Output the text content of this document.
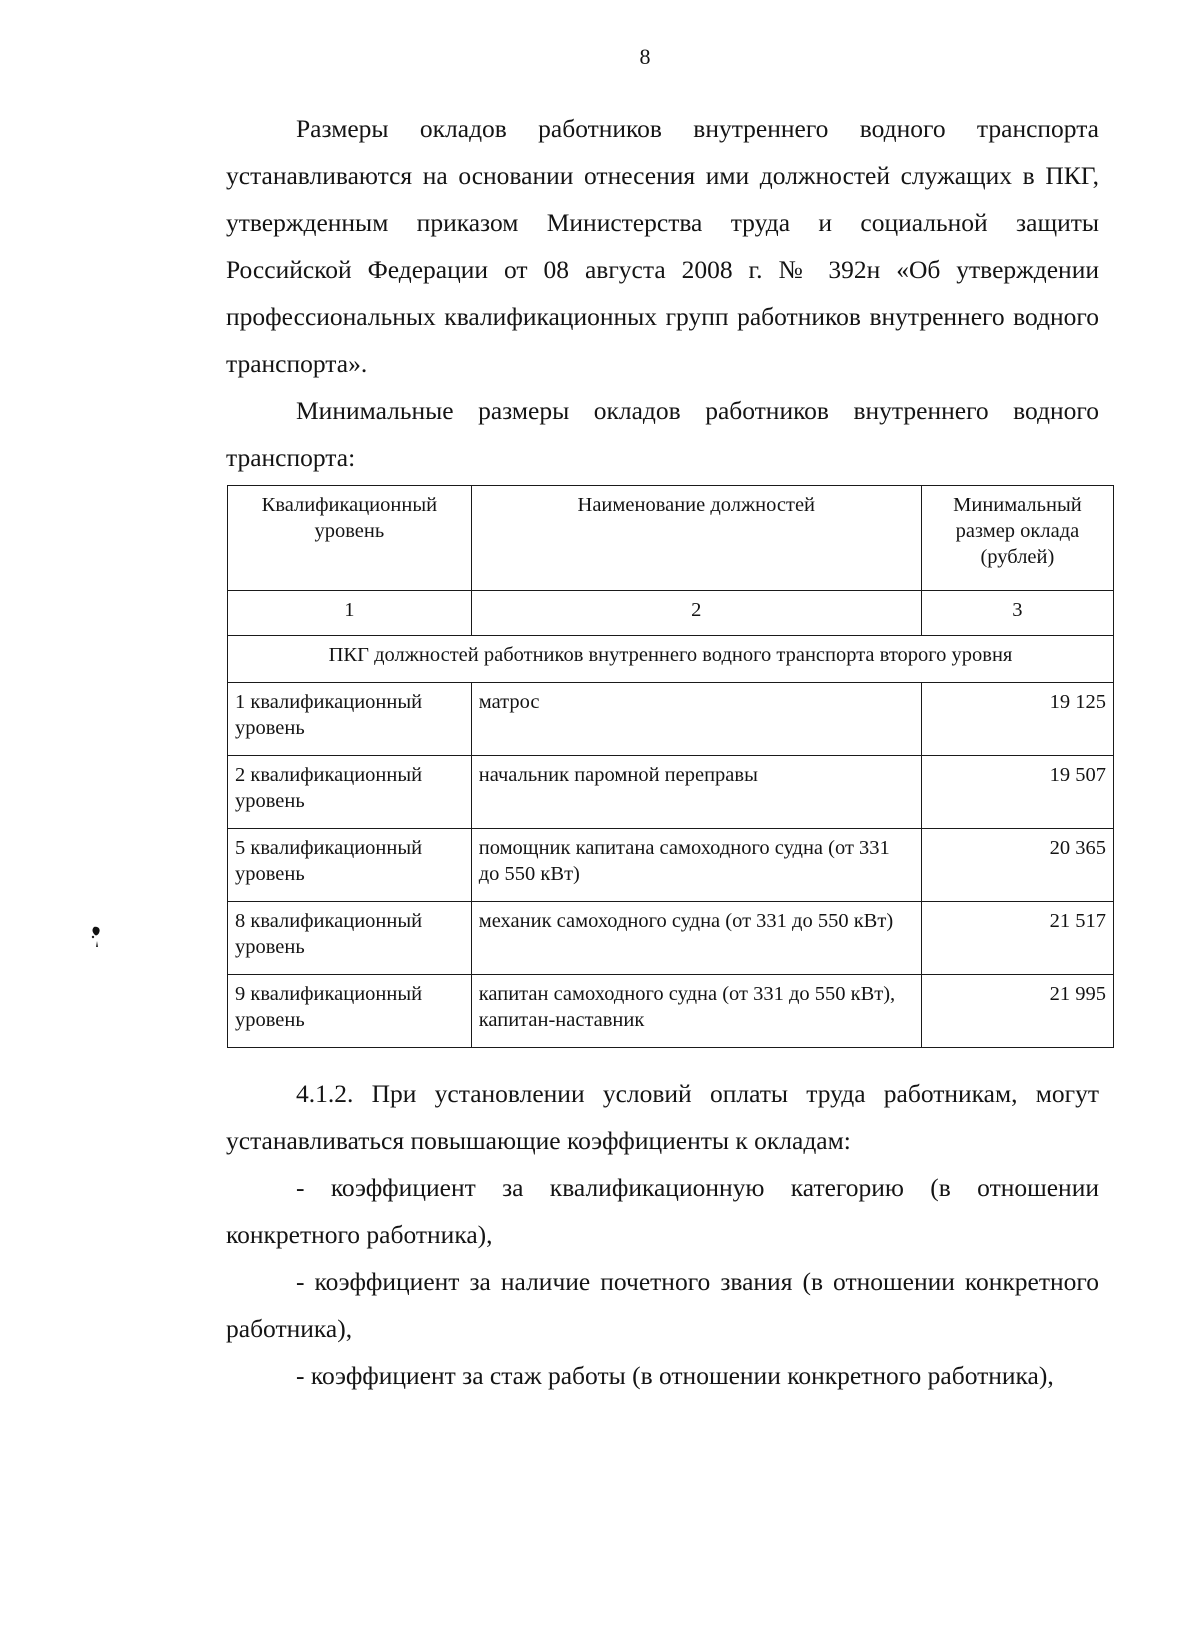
8

Размеры окладов работников внутреннего водного транспорта устанавливаются на основании отнесения ими должностей служащих в ПКГ, утвержденным приказом Министерства труда и социальной защиты Российской Федерации от 08 августа 2008 г. № 392н «Об утверждении профессиональных квалификационных групп работников внутреннего водного транспорта».

Минимальные размеры окладов работников внутреннего водного транспорта:

Квалификационный уровень	Наименование должностей	Минимальный размер оклада (рублей)
1	2	3
ПКГ должностей работников внутреннего водного транспорта второго уровня		
1 квалификационный уровень	матрос	19 125
2 квалификационный уровень	начальник паромной переправы	19 507
5 квалификационный уровень	помощник капитана самоходного судна (от 331 до 550 кВт)	20 365
8 квалификационный уровень	механик самоходного судна (от 331 до 550 кВт)	21 517
9 квалификационный уровень	капитан самоходного судна (от 331 до 550 кВт), капитан-наставник	21 995

4.1.2. При установлении условий оплаты труда работникам, могут устанавливаться повышающие коэффициенты к окладам:

- коэффициент за квалификационную категорию (в отношении конкретного работника),

- коэффициент за наличие почетного звания (в отношении конкретного работника),

- коэффициент за стаж работы (в отношении конкретного работника),
